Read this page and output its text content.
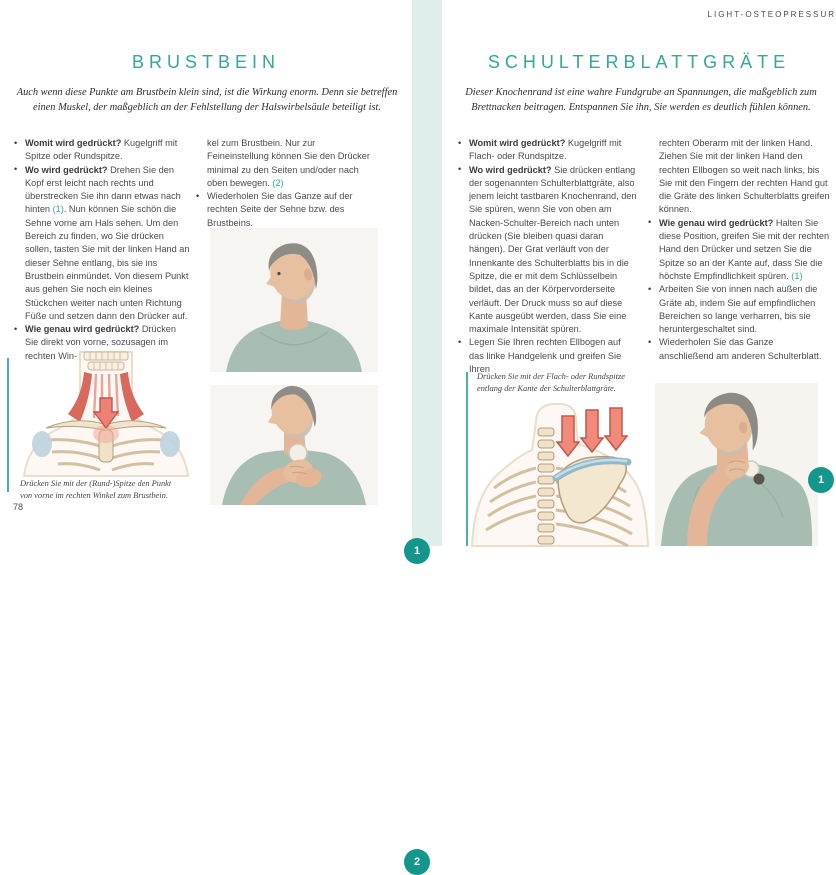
BRUSTBEIN

Auch wenn diese Punkte am Brustbein klein sind, ist die Wirkung enorm. Denn sie betreffen einen Muskel, der maßgeblich an der Fehlstellung der Halswirbelsäule beteiligt ist.

• Womit wird gedrückt? Kugelgriff mit Spitze oder Rundspitze.
• Wo wird gedrückt? Drehen Sie den Kopf erst leicht nach rechts und überstrecken Sie ihn dann etwas nach hinten (1). Nun können Sie schön die Sehne vorne am Hals sehen. Um den Bereich zu finden, wo Sie drücken sollen, tasten Sie mit der linken Hand an dieser Sehne entlang, bis sie ins Brustbein einmündet. Von diesem Punkt aus gehen Sie noch ein kleines Stückchen weiter nach unten Richtung Füße und setzen dann den Drücker auf.
• Wie genau wird gedrückt? Drücken Sie direkt von vorne, sozusagen im rechten Win-
kel zum Brustbein. Nur zur Feineinstellung können Sie den Drücker minimal zu den Seiten und/oder nach oben bewegen. (2)
• Wiederholen Sie das Ganze auf der rechten Seite der Sehne bzw. des Brustbeins.
1
2

Drücken Sie mit der (Rund-)Spitze den Punkt von vorne im rechten Winkel zum Brustbein.

78
LIGHT-OSTEOPRESSUR
SCHULTERBLATTGRÄTE

Dieser Knochenrand ist eine wahre Fundgrube an Spannungen, die maßgeblich zum Brettnacken beitragen. Entspannen Sie ihn, Sie werden es deutlich fühlen können.

• Womit wird gedrückt? Kugelgriff mit Flach- oder Rundspitze.
• Wo wird gedrückt? Sie drücken entlang der sogenannten Schulterblattgräte, also jenem leicht tastbaren Knochenrand, den Sie spüren, wenn Sie von oben am Nacken-Schulter-Bereich nach unten drücken (Sie bleiben quasi daran hängen). Der Grat verläuft von der Innenkante des Schulterblatts bis in die Spitze, die er mit dem Schlüsselbein bildet, das an der Körpervorderseite verläuft. Der Druck muss so auf diese Kante ausgeübt werden, dass Sie eine maximale Intensität spüren.
• Legen Sie Ihren rechten Ellbogen auf das linke Handgelenk und greifen Sie Ihren
rechten Oberarm mit der linken Hand. Ziehen Sie mit der linken Hand den rechten Ellbogen so weit nach links, bis Sie mit den Fingern der rechten Hand gut die Gräte des linken Schulterblatts greifen können.
• Wie genau wird gedrückt? Halten Sie diese Position, greifen Sie mit der rechten Hand den Drücker und setzen Sie die Spitze so an der Kante auf, dass Sie die höchste Empfindlichkeit spüren. (1)
• Arbeiten Sie von innen nach außen die Gräte ab, indem Sie auf empfindlichen Bereichen so lange verharren, bis sie heruntergeschaltet sind.
• Wiederholen Sie das Ganze anschließend am anderen Schulterblatt.

Drücken Sie mit der Flach- oder Rundspitze entlang der Kante der Schulterblattgräte.

1
